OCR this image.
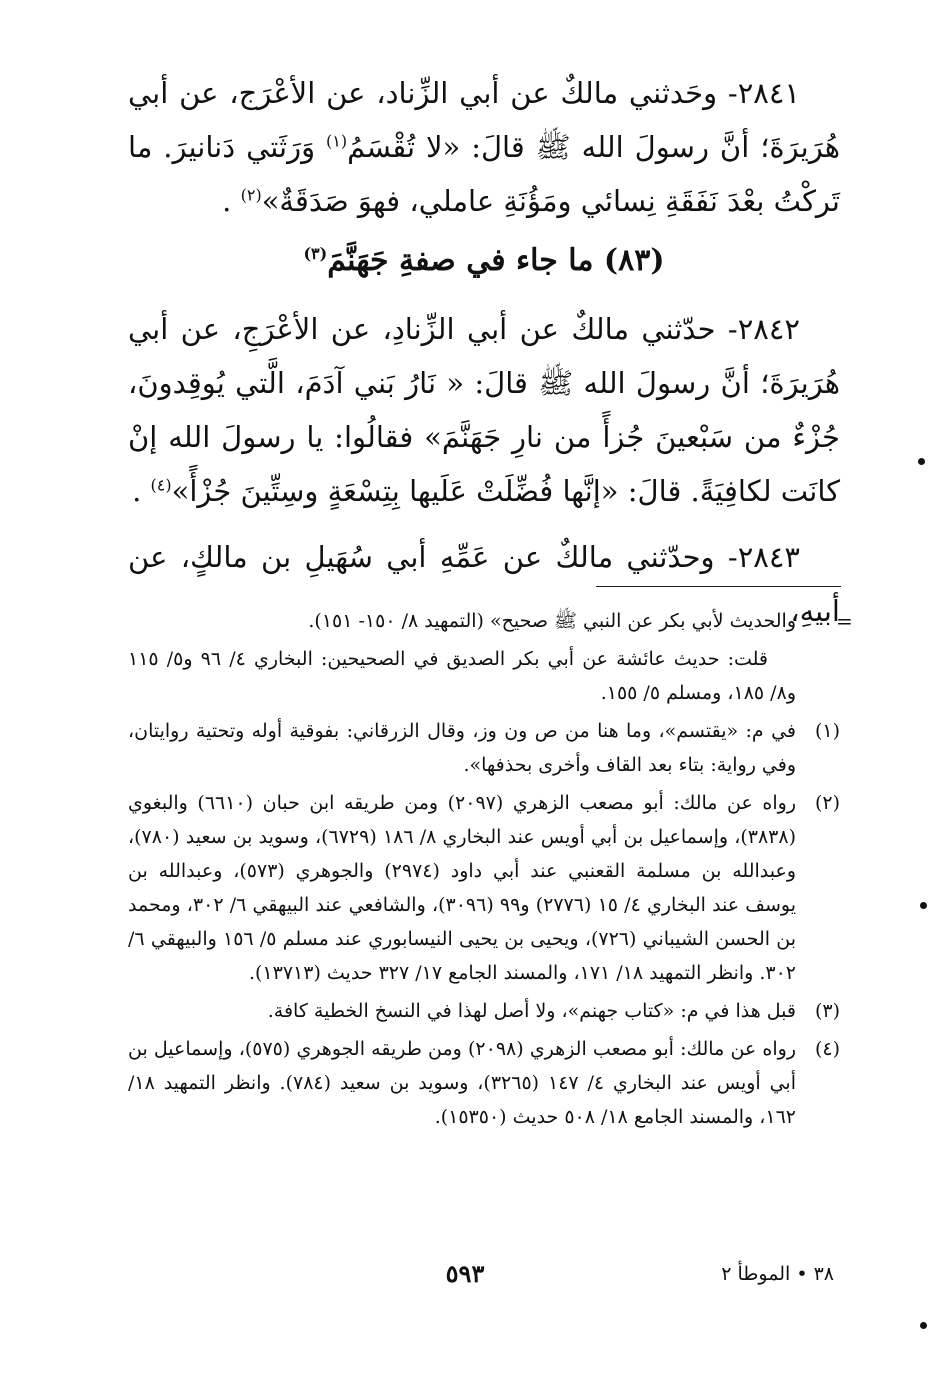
٢٨٤١- وحَدثني مالكٌ عن أبي الزِّناد، عن الأعْرَج، عن أبي هُرَيرَةَ؛ أنَّ رسولَ الله ﷺ قالَ: «لا تُقْسَمُ$^{(١)}$ وَرَثَتي دَنانيرَ. ما تَركْتُ بعْدَ نَفَقَةِ نِسائي ومَؤُنَةِ عاملي، فهوَ صَدَقَةٌ»$^{(٢)}$ .

(٨٣) ما جاء في صفةِ جَهَنَّمَ$^{(٣)}$

٢٨٤٢- حدّثني مالكٌ عن أبي الزِّنادِ، عن الأعْرَجِ، عن أبي هُرَيرَةَ؛ أنَّ رسولَ الله ﷺ قالَ: « نَارُ بَني آدَمَ، الَّتي يُوقِدونَ، جُزْءٌ من سَبْعينَ جُزأً من نارِ جَهَنَّمَ» فقالُوا: يا رسولَ الله إنْ كانَت لكافِيَةً. قالَ: «إنَّها فُضِّلَتْ عَلَيها بِتِسْعَةٍ وسِتِّينَ جُزْأً»$^{(٤)}$ .

٢٨٤٣- وحدّثني مالكٌ عن عَمِّهِ أبي سُهَيلِ بن مالكٍ، عن أبيهِ،

=

والحديث لأبي بكر عن النبي ﷺ صحيح» (التمهيد ٨/ ١٥٠- ١٥١).

قلت: حديث عائشة عن أبي بكر الصديق في الصحيحين: البخاري ٤/ ٩٦ و٥/ ١١٥ و٨/ ١٨٥، ومسلم ٥/ ١٥٥.

(١)
في م: «يقتسم»، وما هنا من ص ون وز، وقال الزرقاني: بفوقية أوله وتحتية روايتان، وفي رواية: بتاء بعد القاف وأخرى بحذفها».
(٢)
رواه عن مالك: أبو مصعب الزهري (٢٠٩٧) ومن طريقه ابن حبان (٦٦١٠) والبغوي (٣٨٣٨)، وإسماعيل بن أبي أويس عند البخاري ٨/ ١٨٦ (٦٧٢٩)، وسويد بن سعيد (٧٨٠)، وعبدالله بن مسلمة القعنبي عند أبي داود (٢٩٧٤) والجوهري (٥٧٣)، وعبدالله بن يوسف عند البخاري ٤/ ١٥ (٢٧٧٦) و٩٩ (٣٠٩٦)، والشافعي عند البيهقي ٦/ ٣٠٢، ومحمد بن الحسن الشيباني (٧٢٦)، ويحيى بن يحيى النيسابوري عند مسلم ٥/ ١٥٦ والبيهقي ٦/ ٣٠٢. وانظر التمهيد ١٨/ ١٧١، والمسند الجامع ١٧/ ٣٢٧ حديث (١٣٧١٣).
(٣)
قبل هذا في م: «كتاب جهنم»، ولا أصل لهذا في النسخ الخطية كافة.
(٤)
رواه عن مالك: أبو مصعب الزهري (٢٠٩٨) ومن طريقه الجوهري (٥٧٥)، وإسماعيل بن أبي أويس عند البخاري ٤/ ١٤٧ (٣٢٦٥)، وسويد بن سعيد (٧٨٤). وانظر التمهيد ١٨/ ١٦٢، والمسند الجامع ١٨/ ٥٠٨ حديث (١٥٣٥٠).
٥٩٣	٣٨ • الموطأ ٢
